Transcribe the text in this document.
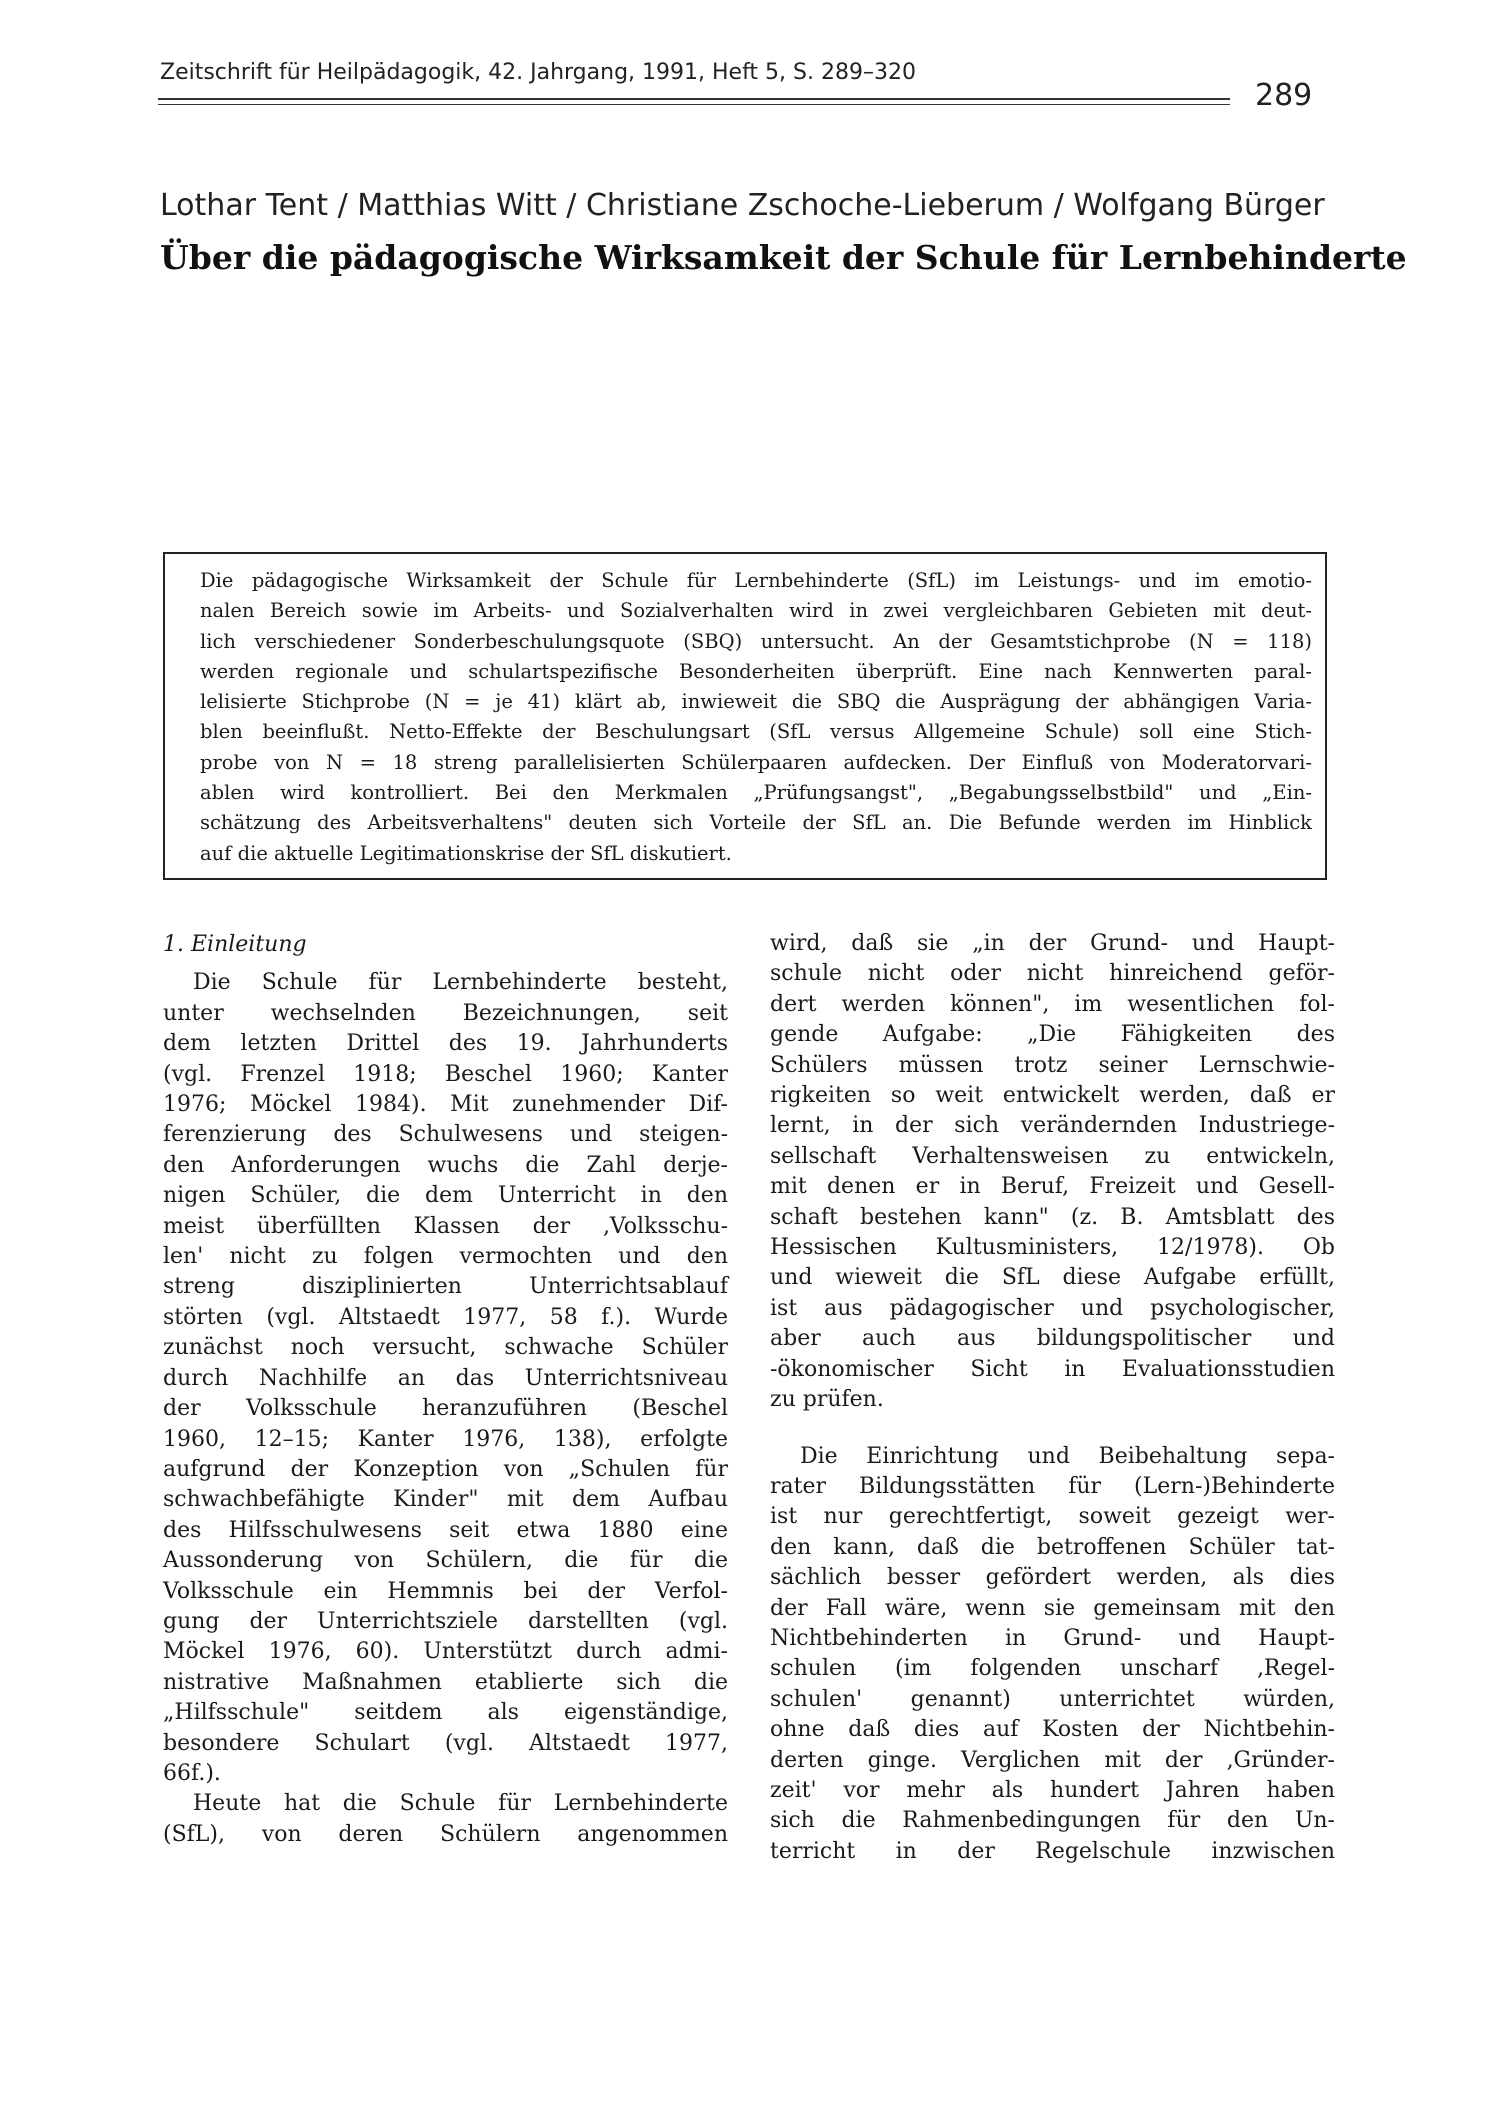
Zeitschrift für Heilpädagogik, 42. Jahrgang, 1991, Heft 5, S. 289–320
289
Lothar Tent / Matthias Witt / Christiane Zschoche-Lieberum / Wolfgang Bürger
Über die pädagogische Wirksamkeit der Schule für Lernbehinderte
Die pädagogische Wirksamkeit der Schule für Lernbehinderte (SfL) im Leistungs- und im emotio-
nalen Bereich sowie im Arbeits- und Sozialverhalten wird in zwei vergleichbaren Gebieten mit deut-
lich verschiedener Sonderbeschulungsquote (SBQ) untersucht. An der Gesamtstichprobe (N = 118)
werden regionale und schulartspezifische Besonderheiten überprüft. Eine nach Kennwerten paral-
lelisierte Stichprobe (N = je 41) klärt ab, inwieweit die SBQ die Ausprägung der abhängigen Varia-
blen beeinflußt. Netto-Effekte der Beschulungsart (SfL versus Allgemeine Schule) soll eine Stich-
probe von N = 18 streng parallelisierten Schülerpaaren aufdecken. Der Einfluß von Moderatorvari-
ablen wird kontrolliert. Bei den Merkmalen „Prüfungsangst", „Begabungsselbstbild" und „Ein-
schätzung des Arbeitsverhaltens" deuten sich Vorteile der SfL an. Die Befunde werden im Hinblick
auf die aktuelle Legitimationskrise der SfL diskutiert.
1. Einleitung
Die Schule für Lernbehinderte besteht,
unter wechselnden Bezeichnungen, seit
dem letzten Drittel des 19. Jahrhunderts
(vgl. Frenzel 1918; Beschel 1960; Kanter
1976; Möckel 1984). Mit zunehmender Dif-
ferenzierung des Schulwesens und steigen-
den Anforderungen wuchs die Zahl derje-
nigen Schüler, die dem Unterricht in den
meist überfüllten Klassen der ‚Volksschu-
len' nicht zu folgen vermochten und den
streng disziplinierten Unterrichtsablauf
störten (vgl. Altstaedt 1977, 58 f.). Wurde
zunächst noch versucht, schwache Schüler
durch Nachhilfe an das Unterrichtsniveau
der Volksschule heranzuführen (Beschel
1960, 12–15; Kanter 1976, 138), erfolgte
aufgrund der Konzeption von „Schulen für
schwachbefähigte Kinder" mit dem Aufbau
des Hilfsschulwesens seit etwa 1880 eine
Aussonderung von Schülern, die für die
Volksschule ein Hemmnis bei der Verfol-
gung der Unterrichtsziele darstellten (vgl.
Möckel 1976, 60). Unterstützt durch admi-
nistrative Maßnahmen etablierte sich die
„Hilfsschule" seitdem als eigenständige,
besondere Schulart (vgl. Altstaedt 1977,
66f.).
Heute hat die Schule für Lernbehinderte
(SfL), von deren Schülern angenommen
wird, daß sie „in der Grund- und Haupt-
schule nicht oder nicht hinreichend geför-
dert werden können", im wesentlichen fol-
gende Aufgabe: „Die Fähigkeiten des
Schülers müssen trotz seiner Lernschwie-
rigkeiten so weit entwickelt werden, daß er
lernt, in der sich verändernden Industriege-
sellschaft Verhaltensweisen zu entwickeln,
mit denen er in Beruf, Freizeit und Gesell-
schaft bestehen kann" (z. B. Amtsblatt des
Hessischen Kultusministers, 12/1978). Ob
und wieweit die SfL diese Aufgabe erfüllt,
ist aus pädagogischer und psychologischer,
aber auch aus bildungspolitischer und
-ökonomischer Sicht in Evaluationsstudien
zu prüfen.
Die Einrichtung und Beibehaltung sepa-
rater Bildungsstätten für (Lern-)Behinderte
ist nur gerechtfertigt, soweit gezeigt wer-
den kann, daß die betroffenen Schüler tat-
sächlich besser gefördert werden, als dies
der Fall wäre, wenn sie gemeinsam mit den
Nichtbehinderten in Grund- und Haupt-
schulen (im folgenden unscharf ‚Regel-
schulen' genannt) unterrichtet würden,
ohne daß dies auf Kosten der Nichtbehin-
derten ginge. Verglichen mit der ‚Gründer-
zeit' vor mehr als hundert Jahren haben
sich die Rahmenbedingungen für den Un-
terricht in der Regelschule inzwischen
